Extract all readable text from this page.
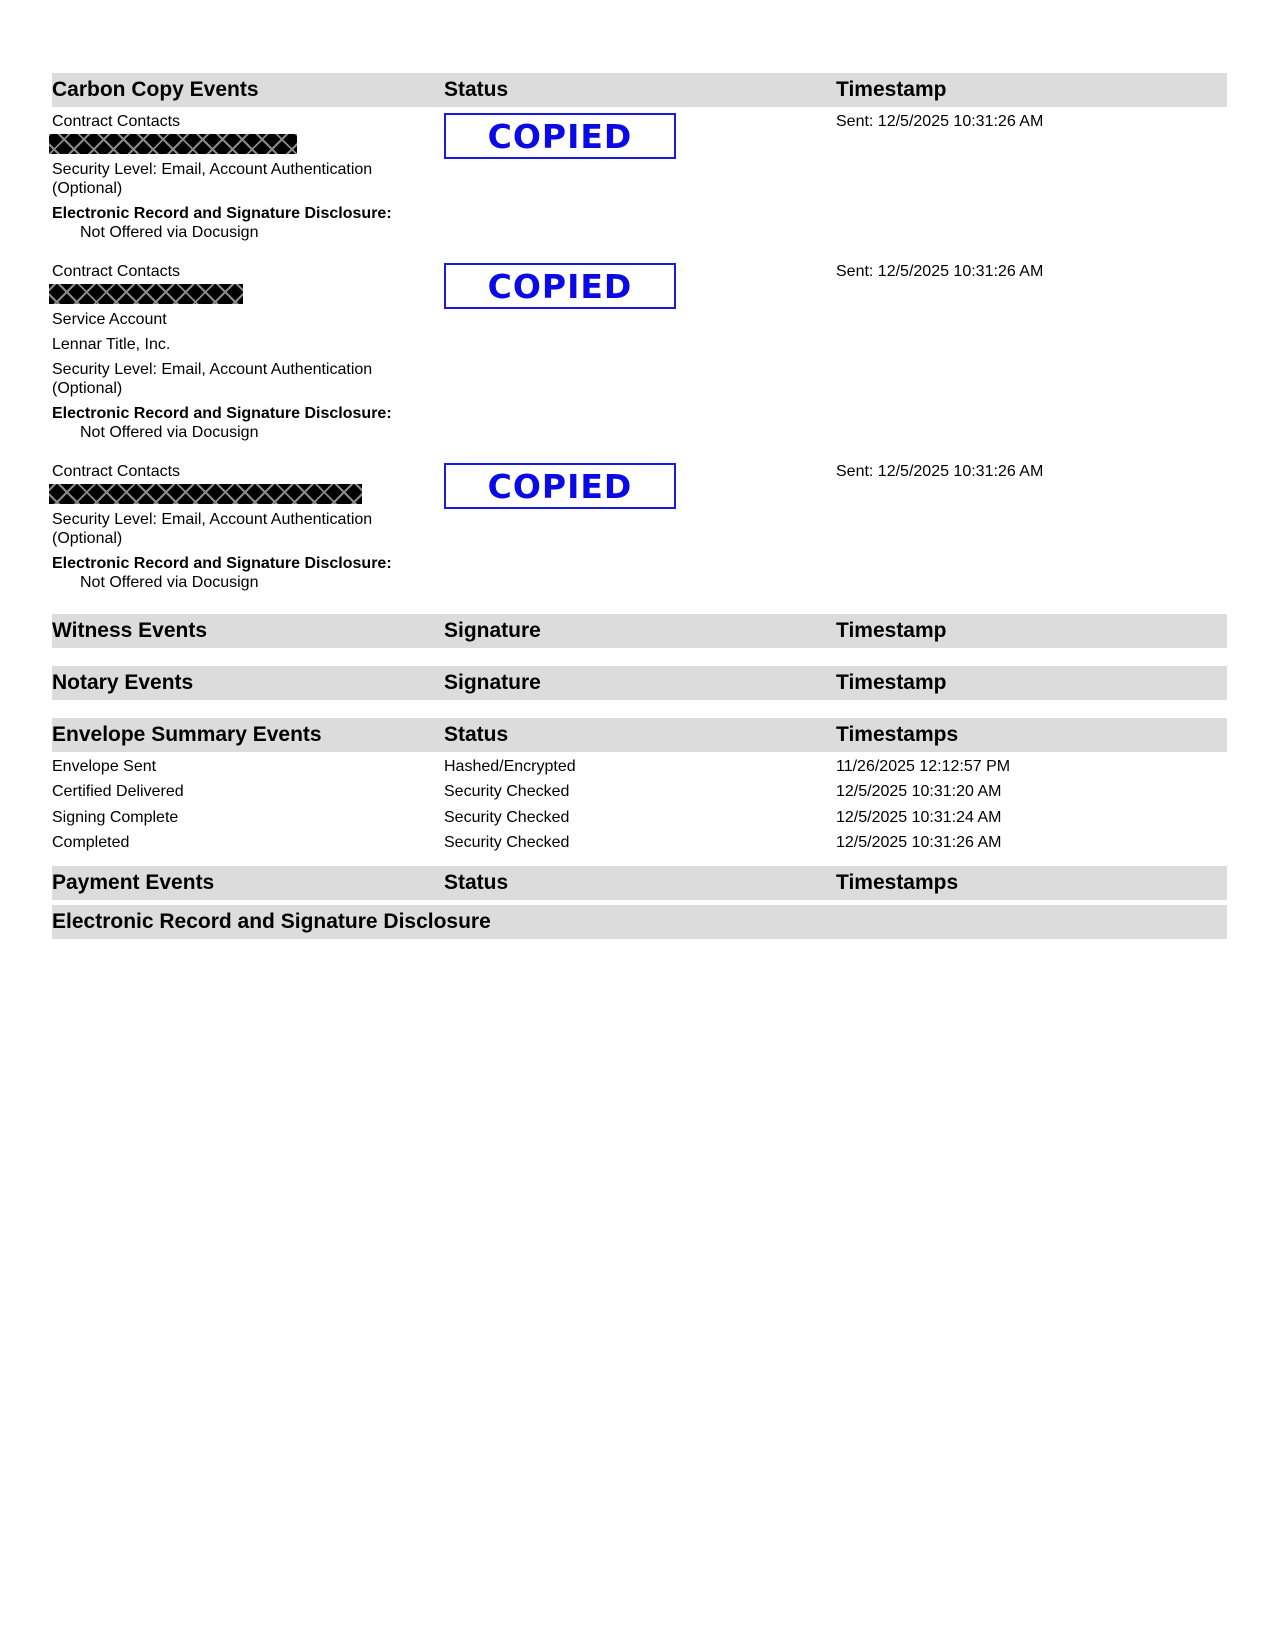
Carbon Copy Events	Status	Timestamp
Contract Contacts
Security Level: Email, Account Authentication (Optional)
Electronic Record and Signature Disclosure:
Not Offered via Docusign
COPIED	Sent: 12/5/2025 10:31:26 AM
Contract Contacts
Service Account
Lennar Title, Inc.
Security Level: Email, Account Authentication (Optional)
Electronic Record and Signature Disclosure:
Not Offered via Docusign
COPIED	Sent: 12/5/2025 10:31:26 AM
Contract Contacts
Security Level: Email, Account Authentication (Optional)
Electronic Record and Signature Disclosure:
Not Offered via Docusign
COPIED	Sent: 12/5/2025 10:31:26 AM
Witness Events	Signature	Timestamp
Notary Events	Signature	Timestamp
Envelope Summary Events	Status	Timestamps
Envelope Sent	Hashed/Encrypted	11/26/2025 12:12:57 PM
Certified Delivered	Security Checked	12/5/2025 10:31:20 AM
Signing Complete	Security Checked	12/5/2025 10:31:24 AM
Completed	Security Checked	12/5/2025 10:31:26 AM
Payment Events	Status	Timestamps
Electronic Record and Signature Disclosure
